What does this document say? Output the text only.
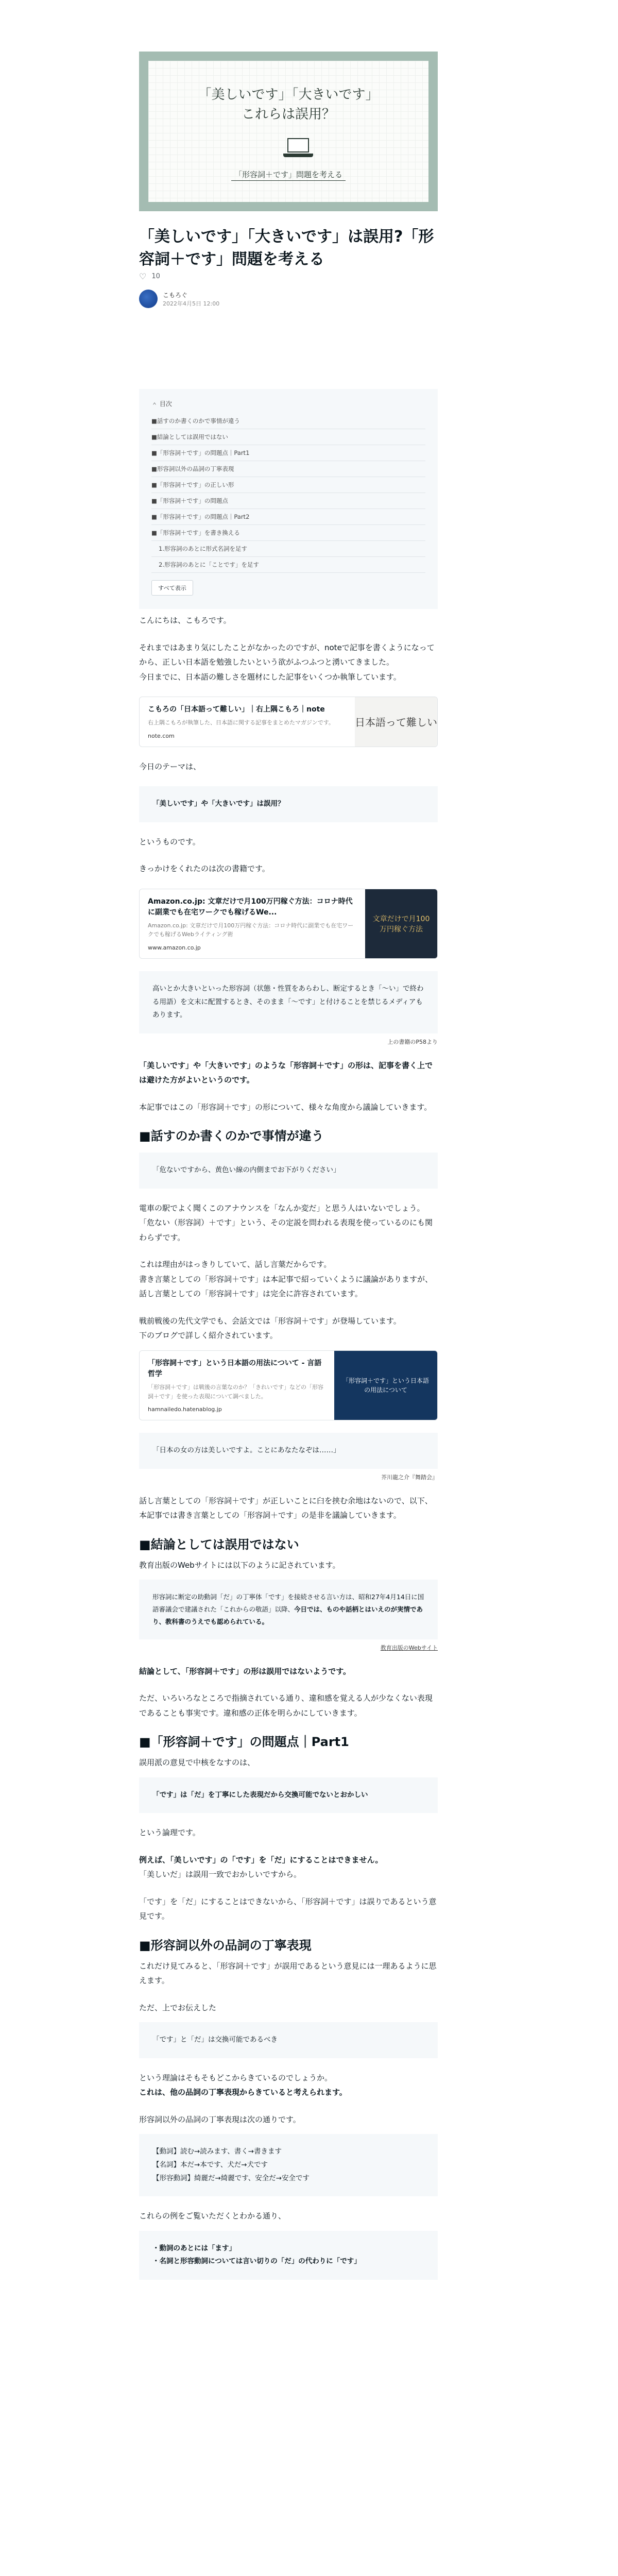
「美しいです」「大きいです」
これらは誤用？
「形容詞＋です」問題を考える
「美しいです」「大きいです」は誤用?「形容詞＋です」問題を考える
♡ 10
こもろぐ
2022年4月5日 12:00
＾ 目次
■話すのか書くのかで事情が違う
■結論としては誤用ではない
■「形容詞＋です」の問題点｜Part1
■形容詞以外の品詞の丁寧表現
■「形容詞＋です」の正しい形
■「形容詞＋です」の問題点
■「形容詞＋です」の問題点｜Part2
■「形容詞＋です」を書き換える
1.形容詞のあとに形式名詞を足す
2.形容詞のあとに「ことです」を足す
すべて表示

こんにちは、こもろです。

それまではあまり気にしたことがなかったのですが、noteで記事を書くようになってから、正しい日本語を勉強したいという欲がふつふつと湧いてきました。

今日までに、日本語の難しさを題材にした記事をいくつか執筆しています。

こもろの「日本語って難しい」｜右上隅こもろ｜note
右上隅こもろが執筆した、日本語に関する記事をまとめたマガジンです。
note.com
日本語って難しい

今日のテーマは、

「美しいです」や「大きいです」は誤用？

というものです。

きっかけをくれたのは次の書籍です。

Amazon.co.jp: 文章だけで月100万円稼ぐ方法：コロナ時代に副業でも在宅ワークでも稼げるWe...
Amazon.co.jp: 文章だけで月100万円稼ぐ方法：コロナ時代に副業でも在宅ワークでも稼げるWebライティング術
www.amazon.co.jp
文章だけで月100万円稼ぐ方法
高いとか大きいといった形容詞（状態・性質をあらわし、断定するとき「～い」で終わる用語）を文末に配置するとき、そのまま「～です」と付けることを禁じるメディアもあります。
上の書籍のP58より

「美しいです」や「大きいです」のような「形容詞＋です」の形は、記事を書く上では避けた方がよいというのです。

本記事ではこの「形容詞＋です」の形について、様々な角度から議論していきます。

■話すのか書くのかで事情が違う
「危ないですから、黄色い線の内側までお下がりください」

電車の駅でよく聞くこのアナウンスを「なんか変だ」と思う人はいないでしょう。

「危ない（形容詞）＋です」という、その定説を問われる表現を使っているのにも関わらずです。

これは理由がはっきりしていて、話し言葉だからです。

書き言葉としての「形容詞＋です」は本記事で紹っていくように議論がありますが、話し言葉としての「形容詞＋です」は完全に許容されています。

戦前戦後の先代文学でも、会話文では「形容詞＋です」が登場しています。

下のブログで詳しく紹介されています。

「形容詞＋です」という日本語の用法について - 言語哲学
「形容詞＋です」は戦後の言葉なのか？「きれいです」などの「形容詞＋です」を使った表現について調べました。
hamnailedo.hatenablog.jp
「形容詞＋です」という日本語の用法について
「日本の女の方は美しいですよ。ことにあなたなぞは……」
芥川龍之介『舞踏会』

話し言葉としての「形容詞＋です」が正しいことに臼を挟む余地はないので、以下、本記事では書き言葉としての「形容詞＋です」の是非を議論していきます。

■結論としては誤用ではない

教育出版のWebサイトには以下のように記されています。

形容詞に断定の助動詞「だ」の丁寧体「です」を接続させる言い方は、昭和27年4月14日に国語審議会で建議された「これからの敬語」以降、今日では、ものや話柄とはいえのが実情であり、教科書のうえでも認められている。
教育出版のWebサイト

結論として、「形容詞＋です」の形は誤用ではないようです。

ただ、いろいろなところで指摘されている通り、違和感を覚える人が少なくない表現であることも事実です。違和感の正体を明らかにしていきます。

■「形容詞＋です」の問題点｜Part1

誤用派の意見で中核をなすのは、

「です」は「だ」を丁寧にした表現だから交換可能でないとおかしい

という論理です。

例えば、「美しいです」の「です」を「だ」にすることはできません。

「美しいだ」は誤用一致でおかしいですから。

「です」を「だ」にすることはできないから、「形容詞＋です」は誤りであるという意見です。

■形容詞以外の品詞の丁寧表現

これだけ見てみると、「形容詞＋です」が誤用であるという意見には一理あるように思えます。

ただ、上でお伝えした

「です」と「だ」は交換可能であるべき

という理論はそもそもどこからきているのでしょうか。

これは、他の品詞の丁寧表現からきていると考えられます。

形容詞以外の品詞の丁寧表現は次の通りです。

【動詞】読む→読みます、書く→書きます
【名詞】本だ→本です、犬だ→犬です
【形容動詞】綺麗だ→綺麗です、安全だ→安全です

これらの例をご覧いただくとわかる通り、

・動詞のあとには「ます」
・名詞と形容動詞については言い切りの「だ」の代わりに「です」
